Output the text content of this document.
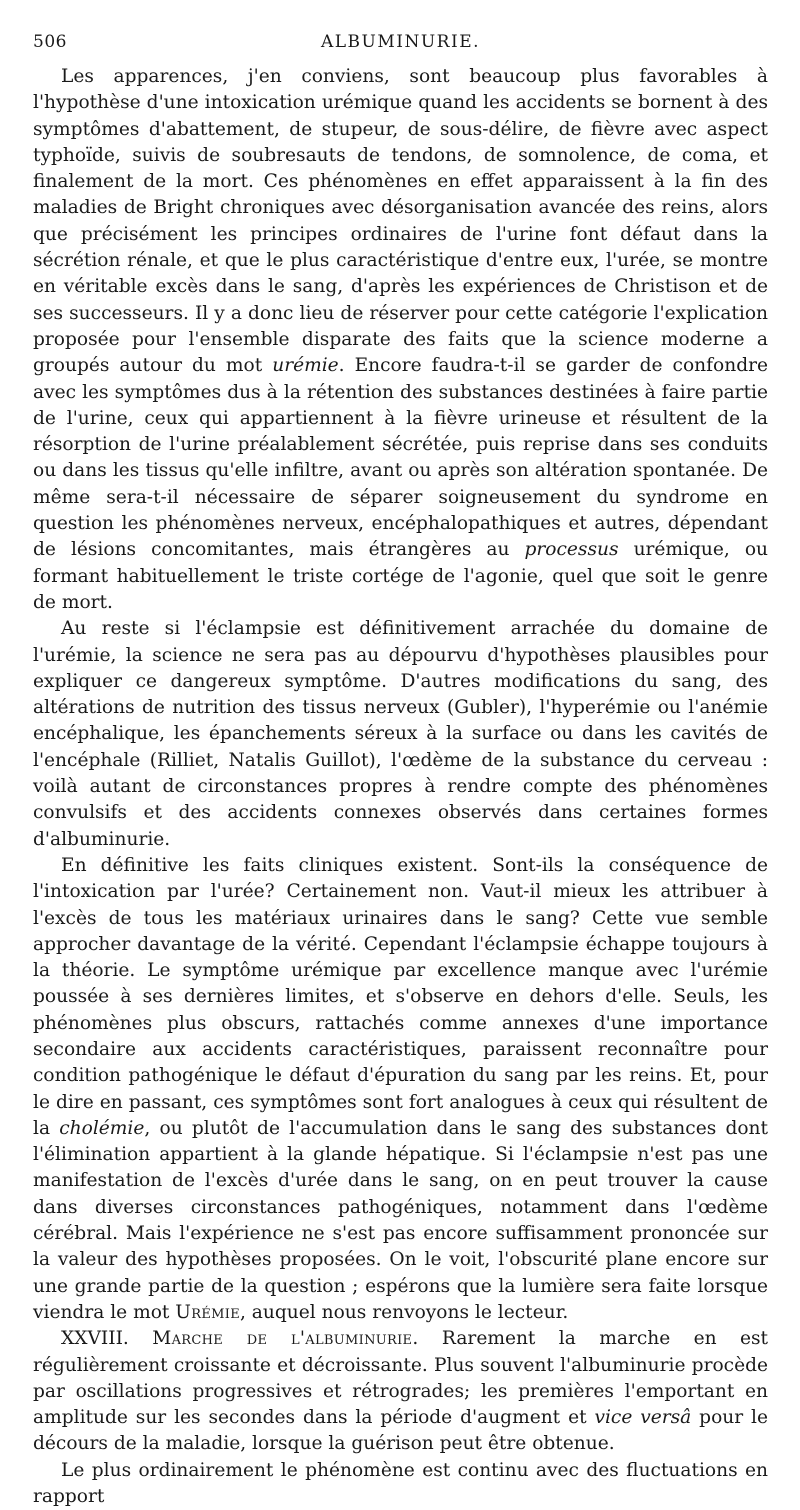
506	ALBUMINURIE.

Les apparences, j'en conviens, sont beaucoup plus favorables à l'hypothèse d'une intoxication urémique quand les accidents se bornent à des symptômes d'abattement, de stupeur, de sous-délire, de fièvre avec aspect typhoïde, suivis de soubresauts de tendons, de somnolence, de coma, et finalement de la mort. Ces phénomènes en effet apparaissent à la fin des maladies de Bright chroniques avec désorganisation avancée des reins, alors que précisément les principes ordinaires de l'urine font défaut dans la sécrétion rénale, et que le plus caractéristique d'entre eux, l'urée, se montre en véritable excès dans le sang, d'après les expériences de Christison et de ses successeurs. Il y a donc lieu de réserver pour cette catégorie l'explication proposée pour l'ensemble disparate des faits que la science moderne a groupés autour du mot urémie. Encore faudra-t-il se garder de confondre avec les symptômes dus à la rétention des substances destinées à faire partie de l'urine, ceux qui appartiennent à la fièvre urineuse et résultent de la résorption de l'urine préalablement sécrétée, puis reprise dans ses conduits ou dans les tissus qu'elle infiltre, avant ou après son altération spontanée. De même sera-t-il nécessaire de séparer soigneusement du syndrome en question les phénomènes nerveux, encéphalopathiques et autres, dépendant de lésions concomitantes, mais étrangères au processus urémique, ou formant habituellement le triste cortége de l'agonie, quel que soit le genre de mort.

Au reste si l'éclampsie est définitivement arrachée du domaine de l'urémie, la science ne sera pas au dépourvu d'hypothèses plausibles pour expliquer ce dangereux symptôme. D'autres modifications du sang, des altérations de nutrition des tissus nerveux (Gubler), l'hyperémie ou l'anémie encéphalique, les épanchements séreux à la surface ou dans les cavités de l'encéphale (Rilliet, Natalis Guillot), l'œdème de la substance du cerveau : voilà autant de circonstances propres à rendre compte des phénomènes convulsifs et des accidents connexes observés dans certaines formes d'albuminurie.

En définitive les faits cliniques existent. Sont-ils la conséquence de l'intoxication par l'urée? Certainement non. Vaut-il mieux les attribuer à l'excès de tous les matériaux urinaires dans le sang? Cette vue semble approcher davantage de la vérité. Cependant l'éclampsie échappe toujours à la théorie. Le symptôme urémique par excellence manque avec l'urémie poussée à ses dernières limites, et s'observe en dehors d'elle. Seuls, les phénomènes plus obscurs, rattachés comme annexes d'une importance secondaire aux accidents caractéristiques, paraissent reconnaître pour condition pathogénique le défaut d'épuration du sang par les reins. Et, pour le dire en passant, ces symptômes sont fort analogues à ceux qui résultent de la cholémie, ou plutôt de l'accumulation dans le sang des substances dont l'élimination appartient à la glande hépatique. Si l'éclampsie n'est pas une manifestation de l'excès d'urée dans le sang, on en peut trouver la cause dans diverses circonstances pathogéniques, notamment dans l'œdème cérébral. Mais l'expérience ne s'est pas encore suffisamment prononcée sur la valeur des hypothèses proposées. On le voit, l'obscurité plane encore sur une grande partie de la question ; espérons que la lumière sera faite lorsque viendra le mot Urémie, auquel nous renvoyons le lecteur.

XXVIII. Marche de l'albuminurie. Rarement la marche en est régulièrement croissante et décroissante. Plus souvent l'albuminurie procède par oscillations progressives et rétrogrades; les premières l'emportant en amplitude sur les secondes dans la période d'augment et vice versâ pour le décours de la maladie, lorsque la guérison peut être obtenue.

Le plus ordinairement le phénomène est continu avec des fluctuations en rapport
